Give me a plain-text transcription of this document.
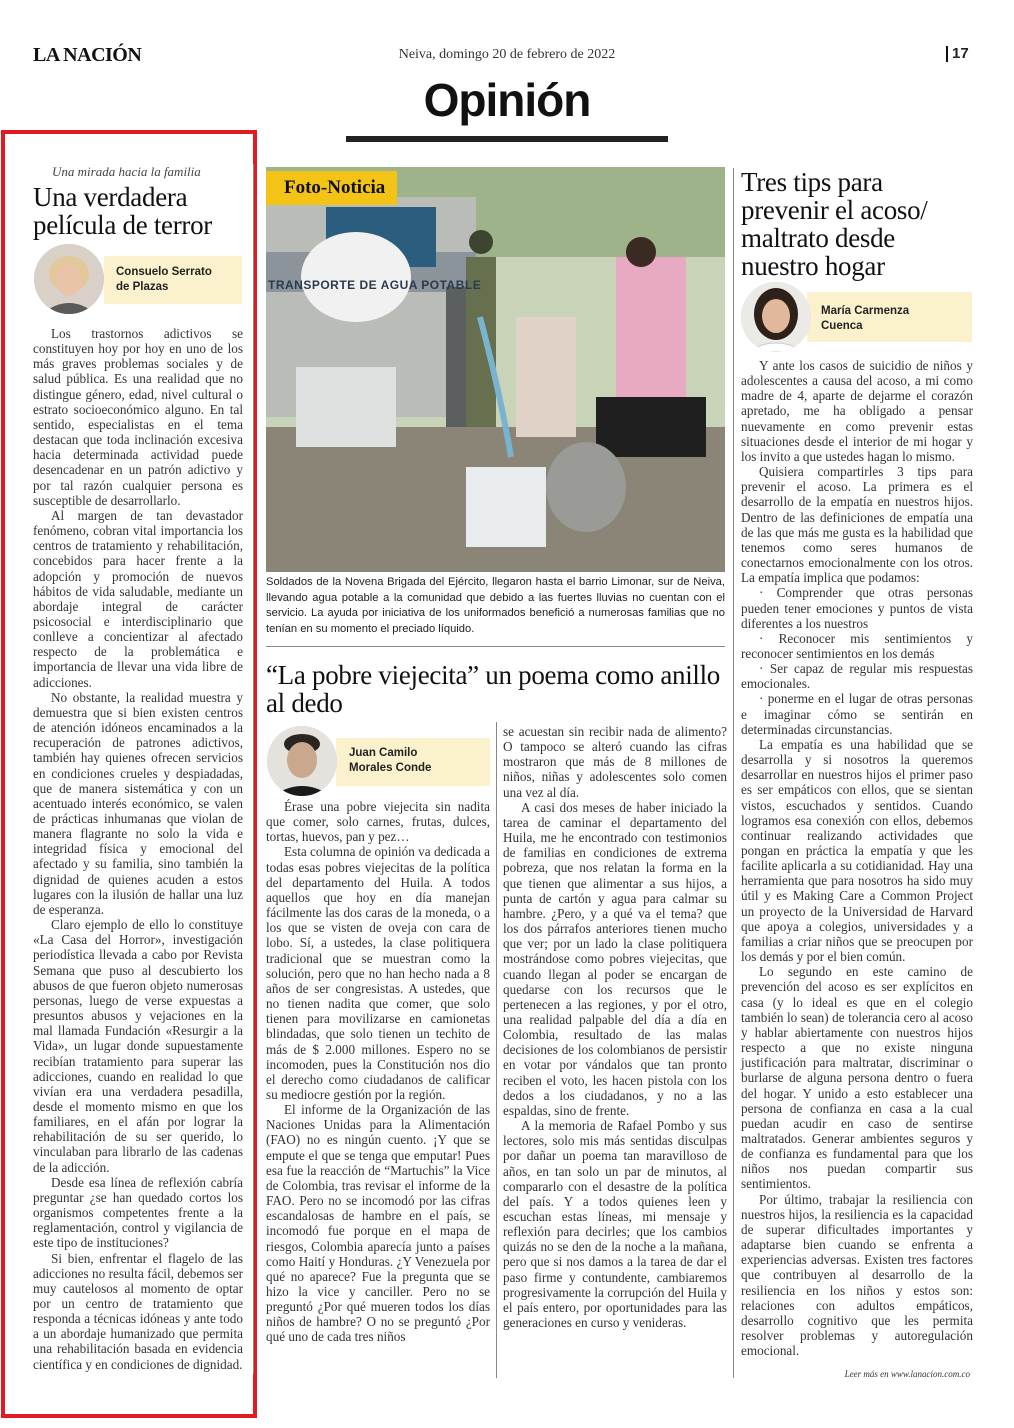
LA NACIÓN	Neiva, domingo 20 de febrero de 2022	17
Opinión
Una mirada hacia la familia
Una verdadera película de terror
Consuelo Serrato
de Plazas

Los trastornos adictivos se constituyen hoy por hoy en uno de los más graves problemas sociales y de salud pública. Es una realidad que no distingue género, edad, nivel cultural o estrato socioeconómico alguno. En tal sentido, especialistas en el tema destacan que toda inclinación excesiva hacia determinada actividad puede desencadenar en un patrón adictivo y por tal razón cualquier persona es susceptible de desarrollarlo.

Al margen de tan devastador fenómeno, cobran vital importancia los centros de tratamiento y rehabilitación, concebidos para hacer frente a la adopción y promoción de nuevos hábitos de vida saludable, mediante un abordaje integral de carácter psicosocial e interdisciplinario que conlleve a concientizar al afectado respecto de la problemática e importancia de llevar una vida libre de adicciones.

No obstante, la realidad muestra y demuestra que si bien existen centros de atención idóneos encaminados a la recuperación de patrones adictivos, también hay quienes ofrecen servicios en condiciones crueles y despiadadas, que de manera sistemática y con un acentuado interés económico, se valen de prácticas inhumanas que violan de manera flagrante no solo la vida e integridad física y emocional del afectado y su familia, sino también la dignidad de quienes acuden a estos lugares con la ilusión de hallar una luz de esperanza.

Claro ejemplo de ello lo constituye «La Casa del Horror», investigación periodística llevada a cabo por Revista Semana que puso al descubierto los abusos de que fueron objeto numerosas personas, luego de verse expuestas a presuntos abusos y vejaciones en la mal llamada Fundación «Resurgir a la Vida», un lugar donde supuestamente recibían tratamiento para superar las adicciones, cuando en realidad lo que vivían era una verdadera pesadilla, desde el momento mismo en que los familiares, en el afán por lograr la rehabilitación de su ser querido, lo vinculaban para librarlo de las cadenas de la adicción.

Desde esa línea de reflexión cabría preguntar ¿se han quedado cortos los organismos competentes frente a la reglamentación, control y vigilancia de este tipo de instituciones?

Si bien, enfrentar el flagelo de las adicciones no resulta fácil, debemos ser muy cautelosos al momento de optar por un centro de tratamiento que responda a técnicas idóneas y ante todo a un abordaje humanizado que permita una rehabilitación basada en evidencia científica y en condiciones de dignidad.

TRANSPORTE DE AGUA POTABLE
Foto-Noticia
Soldados de la Novena Brigada del Ejército, llegaron hasta el barrio Limonar, sur de Neiva, llevando agua potable a la comunidad que debido a las fuertes lluvias no cuentan con el servicio. La ayuda por iniciativa de los uniformados benefició a numerosas familias que no tenían en su momento el preciado líquido.
“La pobre viejecita” un poema como anillo al dedo
Juan Camilo
Morales Conde

Érase una pobre viejecita sin nadita que comer, solo carnes, frutas, dulces, tortas, huevos, pan y pez…

Esta columna de opinión va dedicada a todas esas pobres viejecitas de la política del departamento del Huila. A todos aquellos que hoy en día manejan fácilmente las dos caras de la moneda, o a los que se visten de oveja con cara de lobo. Sí, a ustedes, la clase politiquera tradicional que se muestran como la solución, pero que no han hecho nada a 8 años de ser congresistas. A ustedes, que no tienen nadita que comer, que solo tienen para movilizarse en camionetas blindadas, que solo tienen un techito de más de $ 2.000 millones. Espero no se incomoden, pues la Constitución nos dio el derecho como ciudadanos de calificar su mediocre gestión por la región.

El informe de la Organización de las Naciones Unidas para la Alimentación (FAO) no es ningún cuento. ¡Y que se empute el que se tenga que emputar! Pues esa fue la reacción de “Martuchis” la Vice de Colombia, tras revisar el informe de la FAO. Pero no se incomodó por las cifras escandalosas de hambre en el país, se incomodó fue porque en el mapa de riesgos, Colombia aparecía junto a países como Haití y Honduras. ¿Y Venezuela por qué no aparece? Fue la pregunta que se hizo la vice y canciller. Pero no se preguntó ¿Por qué mueren todos los días niños de hambre? O no se preguntó ¿Por qué uno de cada tres niños

se acuestan sin recibir nada de alimento? O tampoco se alteró cuando las cifras mostraron que más de 8 millones de niños, niñas y adolescentes solo comen una vez al día.

A casi dos meses de haber iniciado la tarea de caminar el departamento del Huila, me he encontrado con testimonios de familias en condiciones de extrema pobreza, que nos relatan la forma en la que tienen que alimentar a sus hijos, a punta de cartón y agua para calmar su hambre. ¿Pero, y a qué va el tema? que los dos párrafos anteriores tienen mucho que ver; por un lado la clase politiquera mostrándose como pobres viejecitas, que cuando llegan al poder se encargan de quedarse con los recursos que le pertenecen a las regiones, y por el otro, una realidad palpable del día a día en Colombia, resultado de las malas decisiones de los colombianos de persistir en votar por vándalos que tan pronto reciben el voto, les hacen pistola con los dedos a los ciudadanos, y no a las espaldas, sino de frente.

A la memoria de Rafael Pombo y sus lectores, solo mis más sentidas disculpas por dañar un poema tan maravilloso de años, en tan solo un par de minutos, al compararlo con el desastre de la política del país. Y a todos quienes leen y escuchan estas líneas, mi mensaje y reflexión para decirles; que los cambios quizás no se den de la noche a la mañana, pero que si nos damos a la tarea de dar el paso firme y contundente, cambiaremos progresivamente la corrupción del Huila y el país entero, por oportunidades para las generaciones en curso y venideras.

Tres tips para prevenir el acoso/ maltrato desde nuestro hogar
María Carmenza
Cuenca

Y ante los casos de suicidio de niños y adolescentes a causa del acoso, a mi como madre de 4, aparte de dejarme el corazón apretado, me ha obligado a pensar nuevamente en como prevenir estas situaciones desde el interior de mi hogar y los invito a que ustedes hagan lo mismo.

Quisiera compartirles 3 tips para prevenir el acoso. La primera es el desarrollo de la empatía en nuestros hijos. Dentro de las definiciones de empatía una de las que más me gusta es la habilidad que tenemos como seres humanos de conectarnos emocionalmente con los otros. La empatía implica que podamos:

· Comprender que otras personas pueden tener emociones y puntos de vista diferentes a los nuestros

· Reconocer mis sentimientos y reconocer sentimientos en los demás

· Ser capaz de regular mis respuestas emocionales.

· ponerme en el lugar de otras personas e imaginar cómo se sentirán en determinadas circunstancias.

La empatía es una habilidad que se desarrolla y si nosotros la queremos desarrollar en nuestros hijos el primer paso es ser empáticos con ellos, que se sientan vistos, escuchados y sentidos. Cuando logramos esa conexión con ellos, debemos continuar realizando actividades que pongan en práctica la empatía y que les facilite aplicarla a su cotidianidad. Hay una herramienta que para nosotros ha sido muy útil y es Making Care a Common Project un proyecto de la Universidad de Harvard que apoya a colegios, universidades y a familias a criar niños que se preocupen por los demás y por el bien común.

Lo segundo en este camino de prevención del acoso es ser explícitos en casa (y lo ideal es que en el colegio también lo sean) de tolerancia cero al acoso y hablar abiertamente con nuestros hijos respecto a que no existe ninguna justificación para maltratar, discriminar o burlarse de alguna persona dentro o fuera del hogar. Y unido a esto establecer una persona de confianza en casa a la cual puedan acudir en caso de sentirse maltratados. Generar ambientes seguros y de confianza es fundamental para que los niños nos puedan compartir sus sentimientos.

Por último, trabajar la resiliencia con nuestros hijos, la resiliencia es la capacidad de superar dificultades importantes y adaptarse bien cuando se enfrenta a experiencias adversas. Existen tres factores que contribuyen al desarrollo de la resiliencia en los niños y estos son: relaciones con adultos empáticos, desarrollo cognitivo que les permita resolver problemas y autoregulación emocional.

Leer más en www.lanacion.com.co
